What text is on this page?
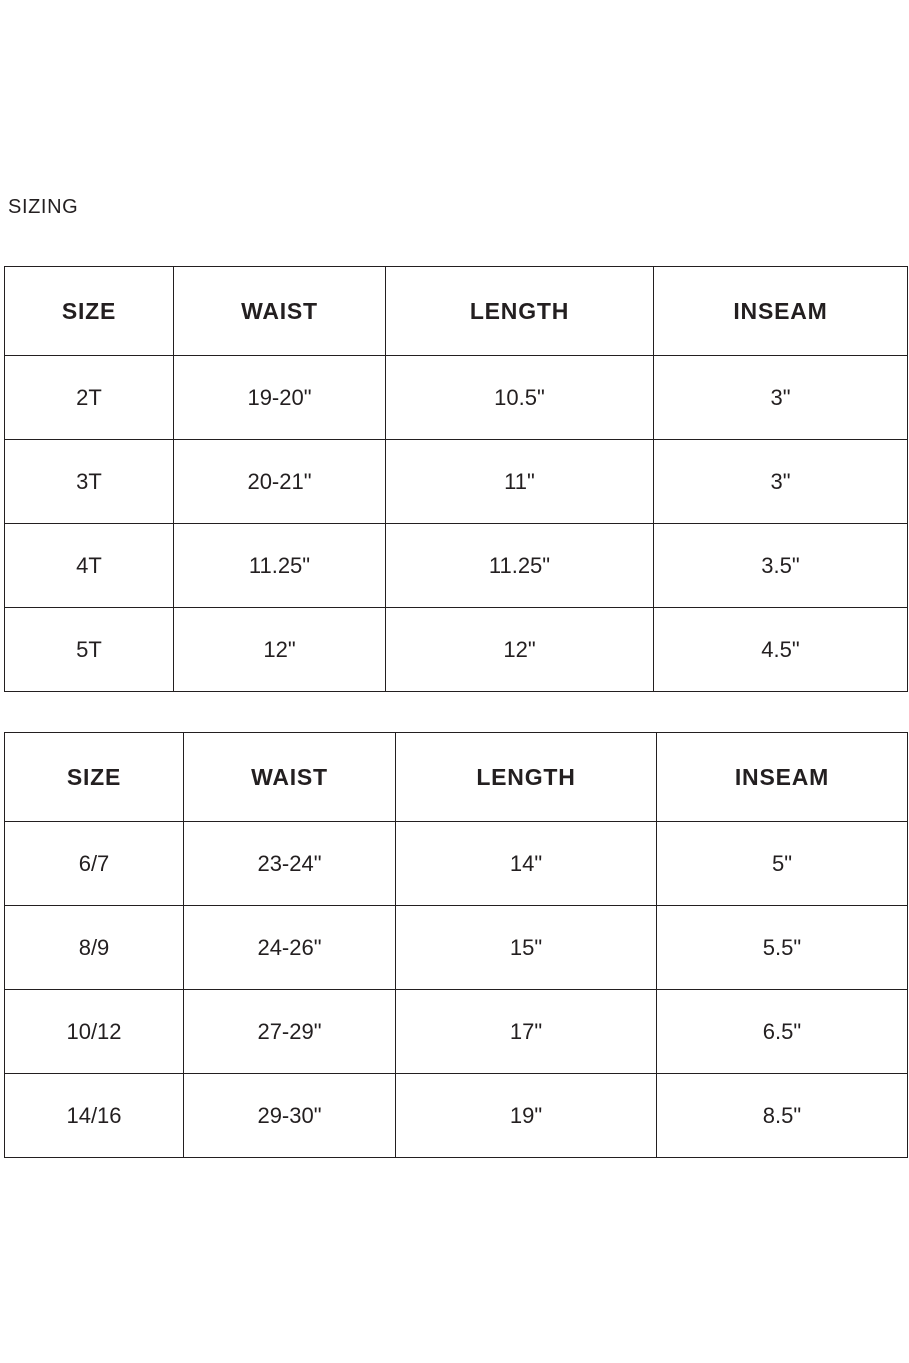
SIZING
SIZE	WAIST	LENGTH	INSEAM
2T	19-20"	10.5"	3"
3T	20-21"	11"	3"
4T	11.25"	11.25"	3.5"
5T	12"	12"	4.5"
SIZE	WAIST	LENGTH	INSEAM
6/7	23-24"	14"	5"
8/9	24-26"	15"	5.5"
10/12	27-29"	17"	6.5"
14/16	29-30"	19"	8.5"
